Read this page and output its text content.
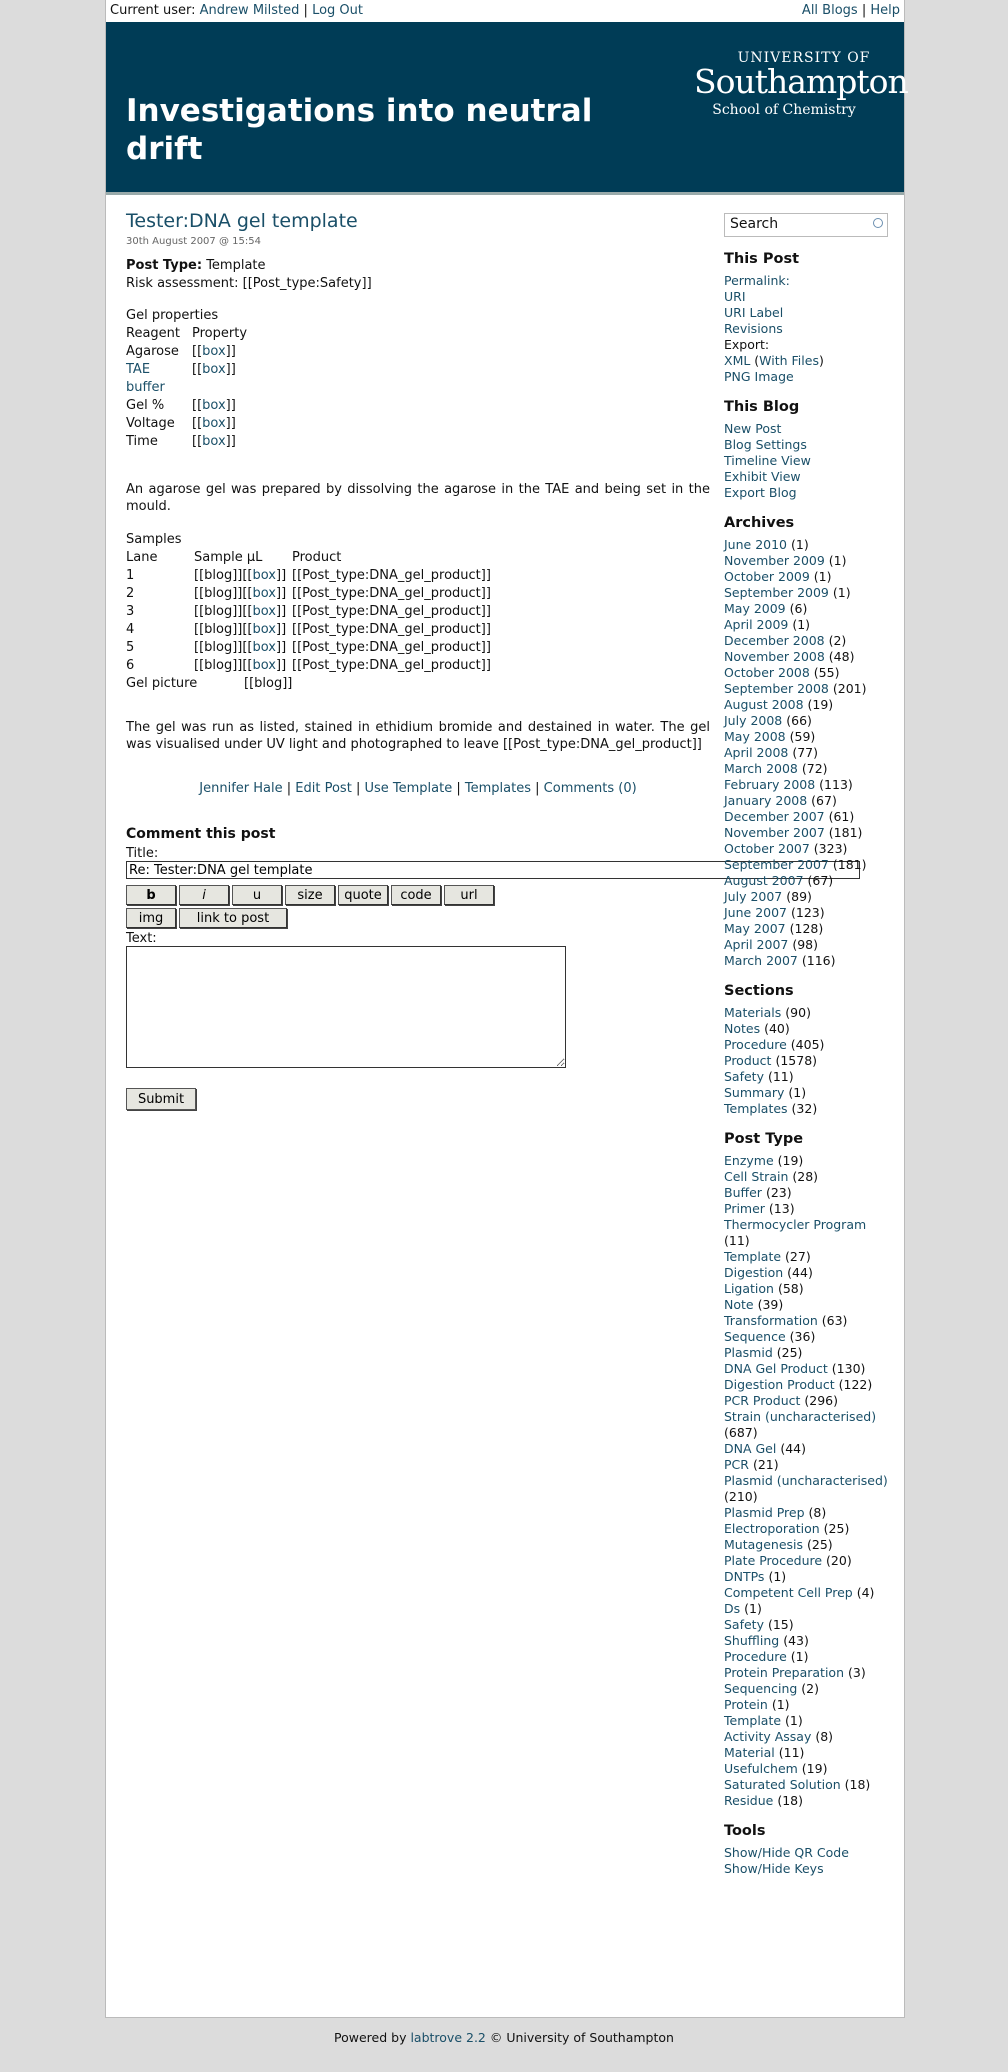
Current user: Andrew Milsted | Log Out	All Blogs | Help
Investigations into neutral drift
UNIVERSITY OF
Southampton
School of Chemistry
Tester:DNA gel template
30th August 2007 @ 15:54
Post Type: Template
Risk assessment: [[Post_type:Safety]]
Gel properties
Reagent	Property
Agarose	[[box]]
TAE buffer	[[box]]
Gel %	[[box]]
Voltage	[[box]]
Time	[[box]]
An agarose gel was prepared by dissolving the agarose in the TAE and being set in the mould.
Samples
Lane	Sample µL	Product
1	[[blog]][[box]]	[[Post_type:DNA_gel_product]]
2	[[blog]][[box]]	[[Post_type:DNA_gel_product]]
3	[[blog]][[box]]	[[Post_type:DNA_gel_product]]
4	[[blog]][[box]]	[[Post_type:DNA_gel_product]]
5	[[blog]][[box]]	[[Post_type:DNA_gel_product]]
6	[[blog]][[box]]	[[Post_type:DNA_gel_product]]
Gel picture	[[blog]]
The gel was run as listed, stained in ethidium bromide and destained in water. The gel was visualised under UV light and photographed to leave [[Post_type:DNA_gel_product]]
Jennifer Hale | Edit Post | Use Template | Templates | Comments (0)
Comment this post
Title:
Re: Tester:DNA gel template
b	i	u	size	quote	code	url
img	link to post
Text:
Submit
Search
This Post
Permalink:
URI
URI Label
Revisions
Export:
XML (With Files)
PNG Image
This Blog
New Post
Blog Settings
Timeline View
Exhibit View
Export Blog
Archives
June 2010 (1)
November 2009 (1)
October 2009 (1)
September 2009 (1)
May 2009 (6)
April 2009 (1)
December 2008 (2)
November 2008 (48)
October 2008 (55)
September 2008 (201)
August 2008 (19)
July 2008 (66)
May 2008 (59)
April 2008 (77)
March 2008 (72)
February 2008 (113)
January 2008 (67)
December 2007 (61)
November 2007 (181)
October 2007 (323)
September 2007 (181)
August 2007 (67)
July 2007 (89)
June 2007 (123)
May 2007 (128)
April 2007 (98)
March 2007 (116)
Sections
Materials (90)
Notes (40)
Procedure (405)
Product (1578)
Safety (11)
Summary (1)
Templates (32)
Post Type
Enzyme (19)
Cell Strain (28)
Buffer (23)
Primer (13)
Thermocycler Program (11)
Template (27)
Digestion (44)
Ligation (58)
Note (39)
Transformation (63)
Sequence (36)
Plasmid (25)
DNA Gel Product (130)
Digestion Product (122)
PCR Product (296)
Strain (uncharacterised) (687)
DNA Gel (44)
PCR (21)
Plasmid (uncharacterised) (210)
Plasmid Prep (8)
Electroporation (25)
Mutagenesis (25)
Plate Procedure (20)
DNTPs (1)
Competent Cell Prep (4)
Ds (1)
Safety (15)
Shuffling (43)
Procedure (1)
Protein Preparation (3)
Sequencing (2)
Protein (1)
Template (1)
Activity Assay (8)
Material (11)
Usefulchem (19)
Saturated Solution (18)
Residue (18)
Tools
Show/Hide QR Code
Show/Hide Keys
Powered by labtrove 2.2 © University of Southampton
